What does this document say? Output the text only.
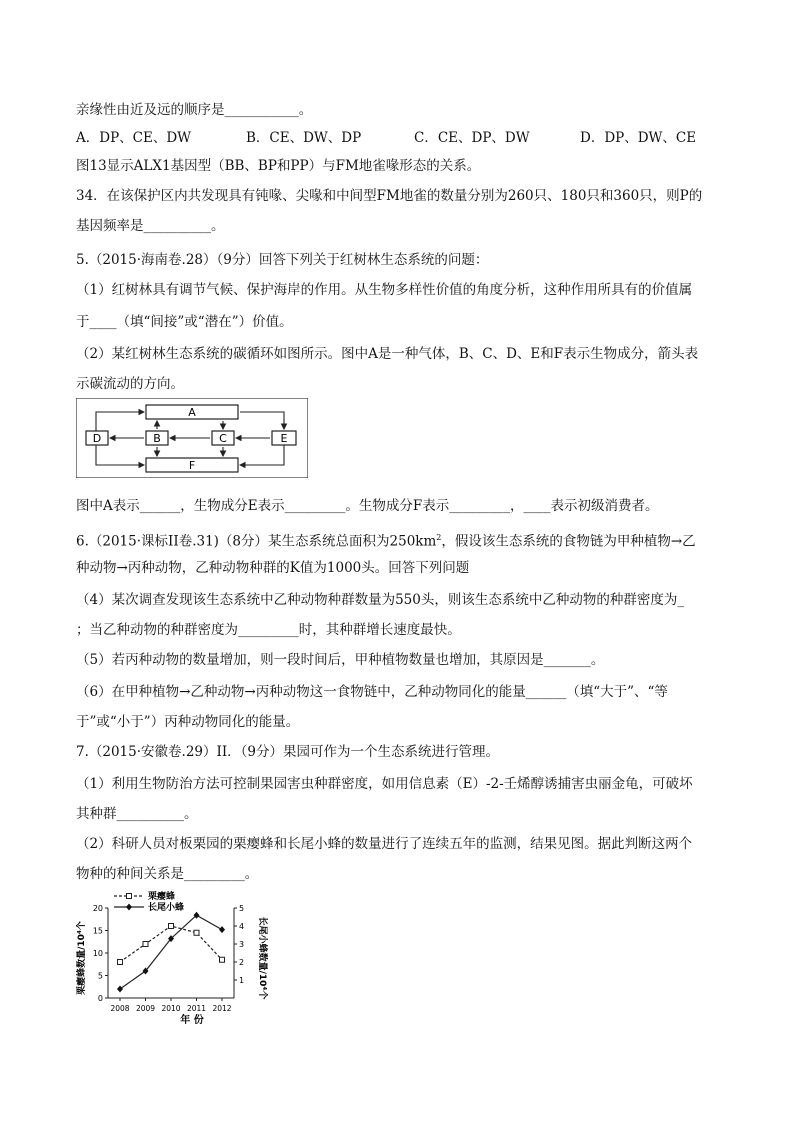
亲缘性由近及远的顺序是___________。
A．DP、CE、DW	B．CE、DW、DP	C．CE、DP、DW	D．DP、DW、CE
图13显示ALX1基因型（BB、BP和PP）与FM地雀喙形态的关系。
34．在该保护区内共发现具有钝喙、尖喙和中间型FM地雀的数量分别为260只、180只和360只，则P的
基因频率是__________。
5.（2015·海南卷.28）（9分）回答下列关于红树林生态系统的问题：
（1）红树林具有调节气候、保护海岸的作用。从生物多样性价值的角度分析，这种作用所具有的价值属
于____（填“间接”或“潜在”）价值。
（2）某红树林生态系统的碳循环如图所示。图中A是一种气体，B、C、D、E和F表示生物成分，箭头表
示碳流动的方向。
A
D	B	C	E
F
图中A表示______，生物成分E表示_________。生物成分F表示_________，____表示初级消费者。
6.（2015·课标II卷.31)（8分）某生态系统总面积为$250km^2$，假设该生态系统的食物链为甲种植物→乙
种动物→丙种动物，乙种动物种群的K值为1000头。回答下列问题
（4）某次调查发现该生态系统中乙种动物种群数量为550头，则该生态系统中乙种动物的种群密度为_
；当乙种动物的种群密度为_________时，其种群增长速度最快。
（5）若丙种动物的数量增加，则一段时间后，甲种植物数量也增加，其原因是_______。
（6）在甲种植物→乙种动物→丙种动物这一食物链中，乙种动物同化的能量______（填“大于”、“等
于”或“小于”）丙种动物同化的能量。
7.（2015·安徽卷.29）II．（9分）果园可作为一个生态系统进行管理。
（1）利用生物防治方法可控制果园害虫种群密度，如用信息素（E）-2-壬烯醇诱捕害虫丽金龟，可破坏
其种群__________。
（2）科研人员对板栗园的栗瘿蜂和长尾小蜂的数量进行了连续五年的监测，结果见图。据此判断这两个
物种的种间关系是_________。
0
5
10
15
20
1
2
3
4
5
2008 2009 2010 2011 2012
栗瘿蜂
长尾小蜂
年 份
栗瘿蜂数量/10⁴个	长尾小蜂数量/10⁴个
